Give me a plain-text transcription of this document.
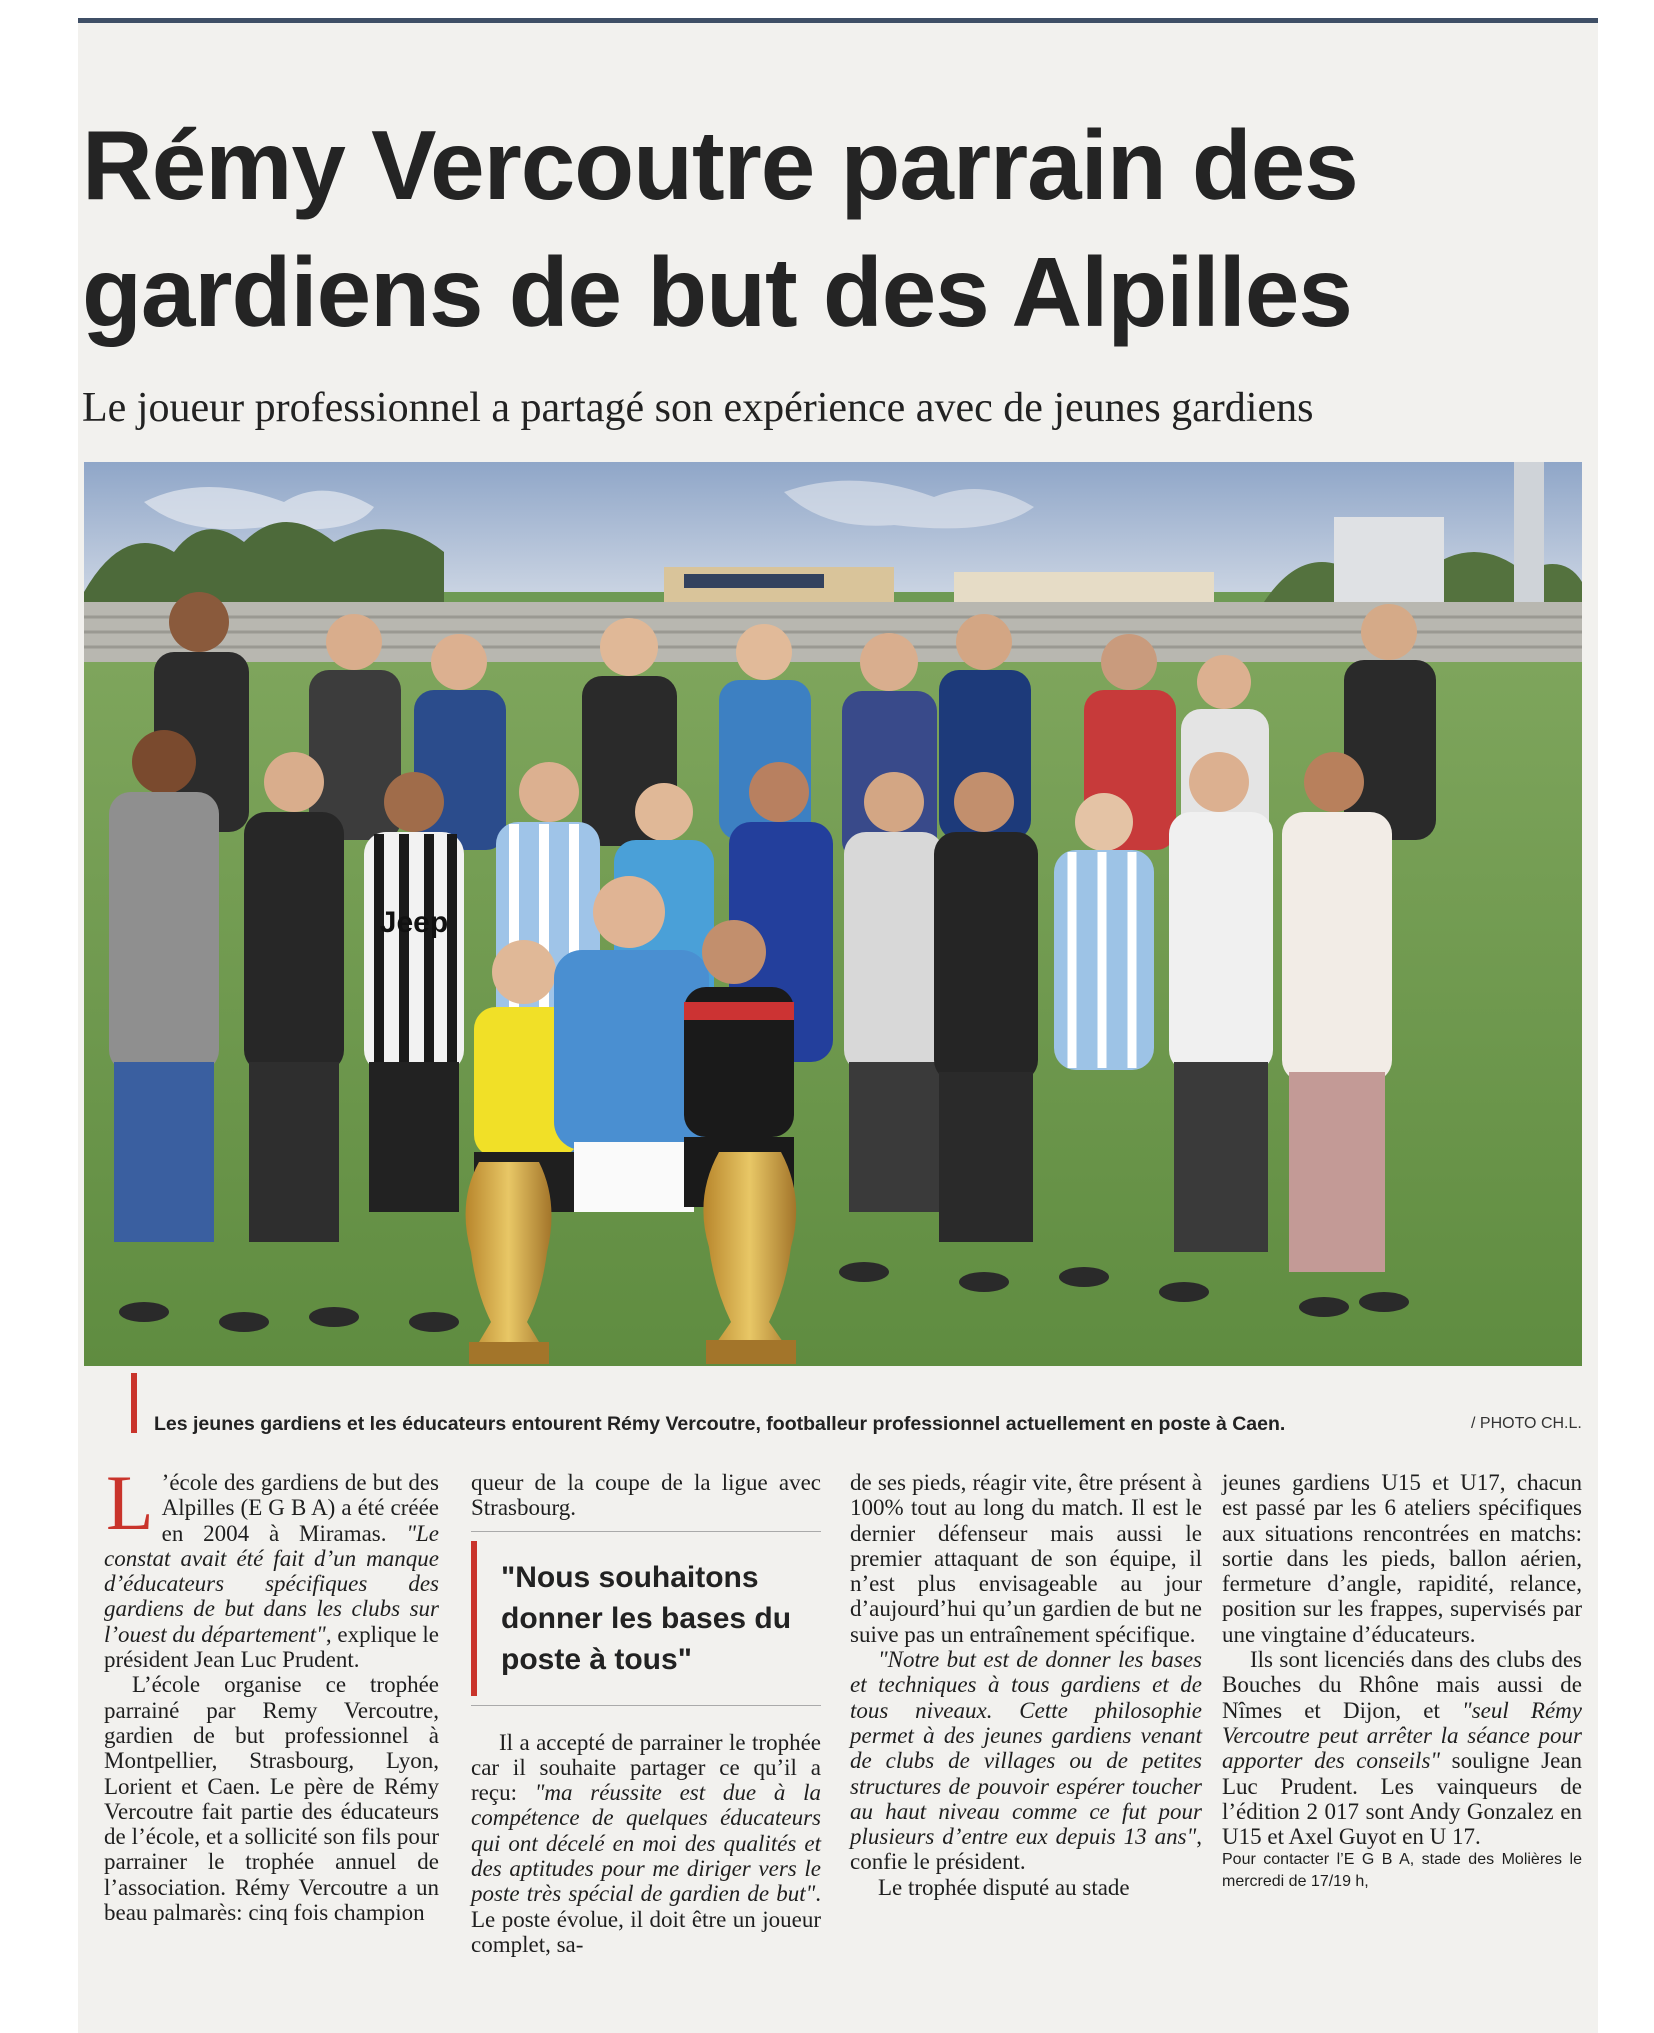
Rémy Vercoutre parrain des
gardiens de but des Alpilles

Le joueur professionnel a partagé son expérience avec de jeunes gardiens

Jeep
Les jeunes gardiens et les éducateurs entourent Rémy Vercoutre, footballeur professionnel actuellement en poste à Caen.	/ PHOTO CH.L.

L ’école des gardiens de but des Alpilles (E G B A) a été créée en 2004 à Miramas. "Le constat avait été fait d’un manque d’éducateurs spécifiques des gardiens de but dans les clubs sur l’ouest du département", explique le président Jean Luc Prudent.

L’école organise ce trophée parrainé par Remy Vercoutre, gardien de but professionnel à Montpellier, Strasbourg, Lyon, Lorient et Caen. Le père de Rémy Vercoutre fait partie des éducateurs de l’école, et a sollicité son fils pour parrainer le trophée annuel de l’association. Rémy Vercoutre a un beau palmarès: cinq fois champion

queur de la coupe de la ligue avec Strasbourg.

"Nous souhaitons donner les bases du poste à tous"

Il a accepté de parrainer le trophée car il souhaite partager ce qu’il a reçu: "ma réussite est due à la compétence de quelques éducateurs qui ont décelé en moi des qualités et des aptitudes pour me diriger vers le poste très spécial de gardien de but". Le poste évolue, il doit être un joueur complet, sa-

de ses pieds, réagir vite, être présent à 100% tout au long du match. Il est le dernier défenseur mais aussi le premier attaquant de son équipe, il n’est plus envisageable au jour d’aujourd’hui qu’un gardien de but ne suive pas un entraînement spécifique.

"Notre but est de donner les bases et techniques à tous gardiens et de tous niveaux. Cette philosophie permet à des jeunes gardiens venant de clubs de villages ou de petites structures de pouvoir espérer toucher au haut niveau comme ce fut pour plusieurs d’entre eux depuis 13 ans", confie le président.

Le trophée disputé au stade

jeunes gardiens U15 et U17, chacun est passé par les 6 ateliers spécifiques aux situations rencontrées en matchs: sortie dans les pieds, ballon aérien, fermeture d’angle, rapidité, relance, position sur les frappes, supervisés par une vingtaine d’éducateurs.

Ils sont licenciés dans des clubs des Bouches du Rhône mais aussi de Nîmes et Dijon, et "seul Rémy Vercoutre peut arrêter la séance pour apporter des conseils" souligne Jean Luc Prudent. Les vainqueurs de l’édition 2 017 sont Andy Gonzalez en U15 et Axel Guyot en U 17.

Pour contacter l’E G B A, stade des Molières le mercredi de 17/19 h,
